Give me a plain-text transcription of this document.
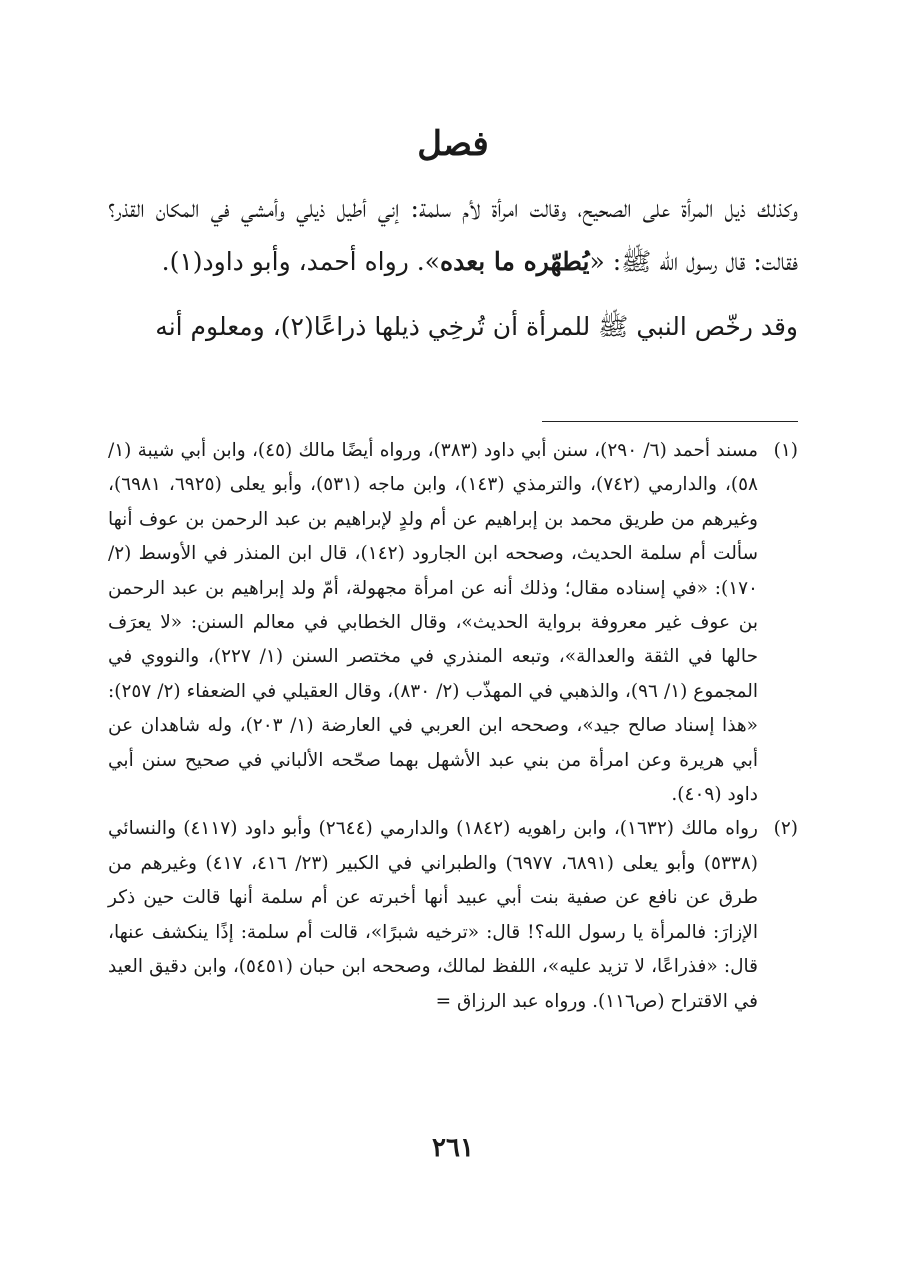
فصل

وكذلك ذيل المرأة على الصحيح، وقالت امرأة لأم سلمة: إني أطيل ذيلي وأمشي في المكان القذر؟ فقالت: قال رسول الله ﷺ: «يُطهّره ما بعده». رواه أحمد، وأبو داود(١).

وقد رخّص النبي ﷺ للمرأة أن تُرخِي ذيلها ذراعًا(٢)، ومعلوم أنه

(١)
مسند أحمد (٦/ ٢٩٠)، سنن أبي داود (٣٨٣)، ورواه أيضًا مالك (٤٥)، وابن أبي شيبة (١/ ٥٨)، والدارمي (٧٤٢)، والترمذي (١٤٣)، وابن ماجه (٥٣١)، وأبو يعلى (٦٩٢٥، ٦٩٨١)، وغيرهم من طريق محمد بن إبراهيم عن أم ولدٍ لإبراهيم بن عبد الرحمن بن عوف أنها سألت أم سلمة الحديث، وصححه ابن الجارود (١٤٢)، قال ابن المنذر في الأوسط (٢/ ١٧٠): «في إسناده مقال؛ وذلك أنه عن امرأة مجهولة، أمّ ولد إبراهيم بن عبد الرحمن بن عوف غير معروفة برواية الحديث»، وقال الخطابي في معالم السنن: «لا يعرَف حالها في الثقة والعدالة»، وتبعه المنذري في مختصر السنن (١/ ٢٢٧)، والنووي في المجموع (١/ ٩٦)، والذهبي في المهذّب (٢/ ٨٣٠)، وقال العقيلي في الضعفاء (٢/ ٢٥٧): «هذا إسناد صالح جيد»، وصححه ابن العربي في العارضة (١/ ٢٠٣)، وله شاهدان عن أبي هريرة وعن امرأة من بني عبد الأشهل بهما صحّحه الألباني في صحيح سنن أبي داود (٤٠٩).
(٢)
رواه مالك (١٦٣٢)، وابن راهويه (١٨٤٢) والدارمي (٢٦٤٤) وأبو داود (٤١١٧) والنسائي (٥٣٣٨) وأبو يعلى (٦٨٩١، ٦٩٧٧) والطبراني في الكبير (٢٣/ ٤١٦، ٤١٧) وغيرهم من طرق عن نافع عن صفية بنت أبي عبيد أنها أخبرته عن أم سلمة أنها قالت حين ذكر الإزارَ: فالمرأة يا رسول الله؟! قال: «ترخيه شبرًا»، قالت أم سلمة: إذًا ينكشف عنها، قال: «فذراعًا، لا تزيد عليه»، اللفظ لمالك، وصححه ابن حبان (٥٤٥١)، وابن دقيق العيد في الاقتراح (ص١١٦). ورواه عبد الرزاق =
٢٦١
